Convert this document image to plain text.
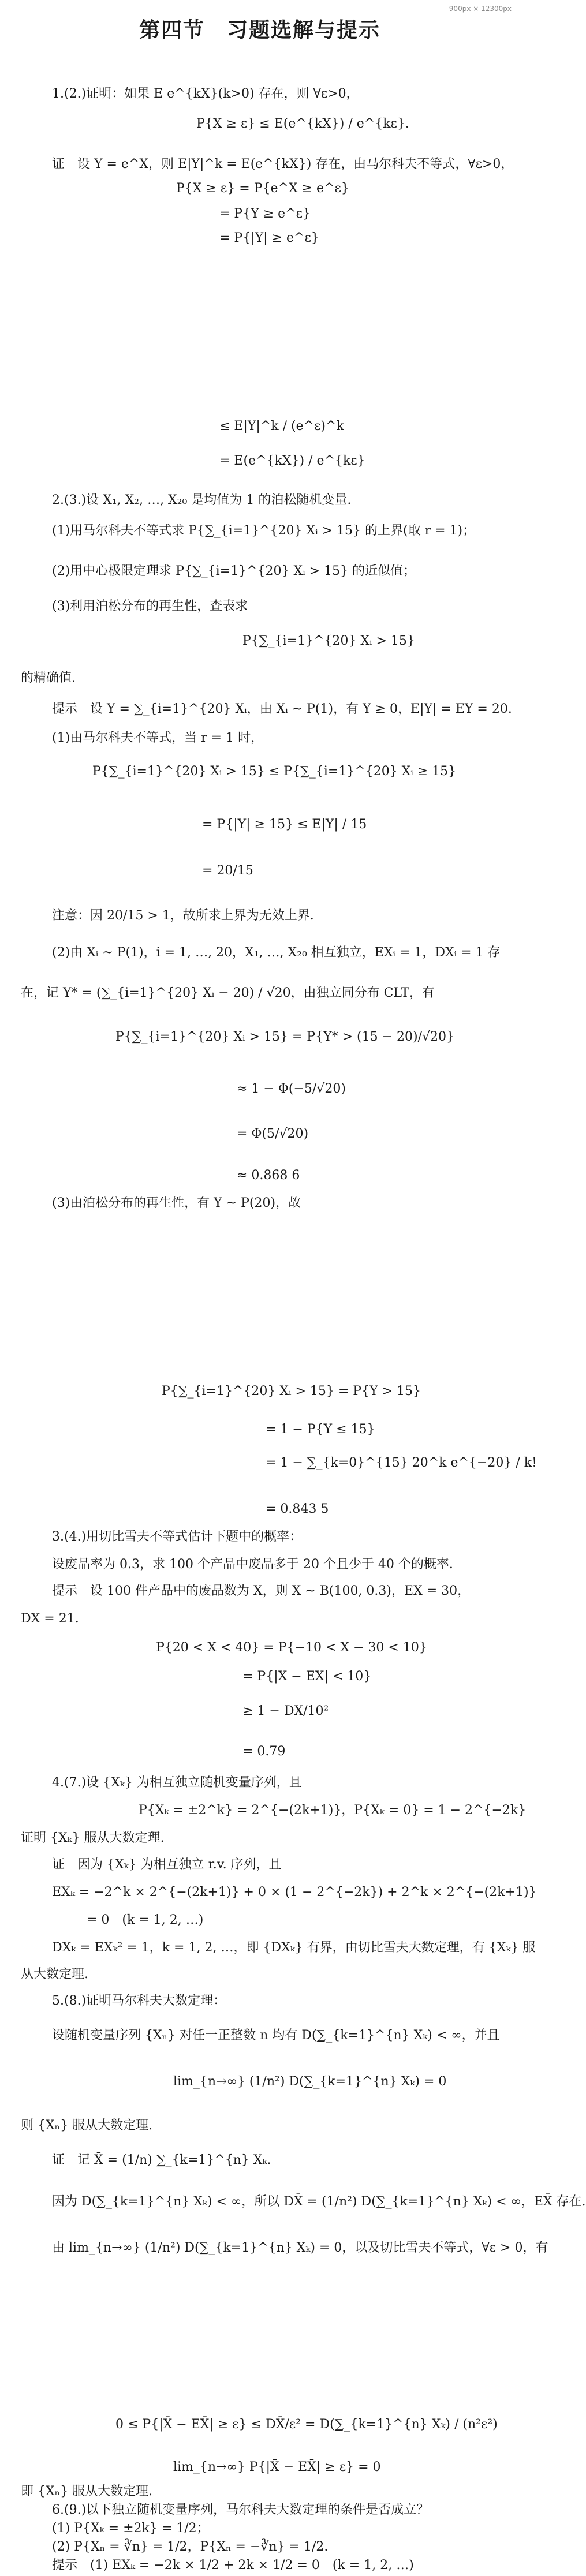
900px × 12300px
第四节　习题选解与提示
1.(2.)证明：如果 E e^{kX}(k>0) 存在，则 ∀ε>0，
P{X ≥ ε} ≤ E(e^{kX}) / e^{kε}.
证　设 Y = e^X，则 E|Y|^k = E(e^{kX}) 存在，由马尔科夫不等式，∀ε>0，
P{X ≥ ε} = P{e^X ≥ e^ε}
= P{Y ≥ e^ε}
= P{|Y| ≥ e^ε}
≤ E|Y|^k / (e^ε)^k
= E(e^{kX}) / e^{kε}
2.(3.)设 X₁, X₂, …, X₂₀ 是均值为 1 的泊松随机变量.
(1)用马尔科夫不等式求 P{∑_{i=1}^{20} Xᵢ > 15} 的上界(取 r = 1)；
(2)用中心极限定理求 P{∑_{i=1}^{20} Xᵢ > 15} 的近似值；
(3)利用泊松分布的再生性，查表求
P{∑_{i=1}^{20} Xᵢ > 15}
的精确值.
提示　设 Y = ∑_{i=1}^{20} Xᵢ，由 Xᵢ ~ P(1)，有 Y ≥ 0，E|Y| = EY = 20.
(1)由马尔科夫不等式，当 r = 1 时，
P{∑_{i=1}^{20} Xᵢ > 15} ≤ P{∑_{i=1}^{20} Xᵢ ≥ 15}
= P{|Y| ≥ 15} ≤ E|Y| / 15
= 20/15
注意：因 20/15 > 1，故所求上界为无效上界.
(2)由 Xᵢ ~ P(1)，i = 1, …, 20，X₁, …, X₂₀ 相互独立，EXᵢ = 1，DXᵢ = 1 存
在，记 Y* = (∑_{i=1}^{20} Xᵢ − 20) / √20，由独立同分布 CLT，有
P{∑_{i=1}^{20} Xᵢ > 15} = P{Y* > (15 − 20)/√20}
≈ 1 − Φ(−5/√20)
= Φ(5/√20)
≈ 0.868 6
(3)由泊松分布的再生性，有 Y ~ P(20)，故
P{∑_{i=1}^{20} Xᵢ > 15} = P{Y > 15}
= 1 − P{Y ≤ 15}
= 1 − ∑_{k=0}^{15} 20^k e^{−20} / k!
= 0.843 5
3.(4.)用切比雪夫不等式估计下题中的概率：
设废品率为 0.3，求 100 个产品中废品多于 20 个且少于 40 个的概率.
提示　设 100 件产品中的废品数为 X，则 X ~ B(100, 0.3)，EX = 30，
DX = 21.
P{20 < X < 40} = P{−10 < X − 30 < 10}
= P{|X − EX| < 10}
≥ 1 − DX/10²
= 0.79
4.(7.)设 {Xₖ} 为相互独立随机变量序列，且
P{Xₖ = ±2^k} = 2^{−(2k+1)}，P{Xₖ = 0} = 1 − 2^{−2k}
证明 {Xₖ} 服从大数定理.
证　因为 {Xₖ} 为相互独立 r.v. 序列，且
EXₖ = −2^k × 2^{−(2k+1)} + 0 × (1 − 2^{−2k}) + 2^k × 2^{−(2k+1)}
= 0　(k = 1, 2, …)
DXₖ = EXₖ² = 1，k = 1, 2, …，即 {DXₖ} 有界，由切比雪夫大数定理，有 {Xₖ} 服
从大数定理.
5.(8.)证明马尔科夫大数定理：
设随机变量序列 {Xₙ} 对任一正整数 n 均有 D(∑_{k=1}^{n} Xₖ) < ∞，并且
lim_{n→∞} (1/n²) D(∑_{k=1}^{n} Xₖ) = 0
则 {Xₙ} 服从大数定理.
证　记 X̄ = (1/n) ∑_{k=1}^{n} Xₖ.
因为 D(∑_{k=1}^{n} Xₖ) < ∞，所以 DX̄ = (1/n²) D(∑_{k=1}^{n} Xₖ) < ∞，EX̄ 存在.
由 lim_{n→∞} (1/n²) D(∑_{k=1}^{n} Xₖ) = 0，以及切比雪夫不等式，∀ε > 0，有
0 ≤ P{|X̄ − EX̄| ≥ ε} ≤ DX̄/ε² = D(∑_{k=1}^{n} Xₖ) / (n²ε²)
lim_{n→∞} P{|X̄ − EX̄| ≥ ε} = 0
即 {Xₙ} 服从大数定理.
6.(9.)以下独立随机变量序列，马尔科夫大数定理的条件是否成立？
(1) P{Xₖ = ±2k} = 1/2；
(2) P{Xₙ = ∛n} = 1/2，P{Xₙ = −∛n} = 1/2.
提示　(1) EXₖ = −2k × 1/2 + 2k × 1/2 = 0　(k = 1, 2, …)
